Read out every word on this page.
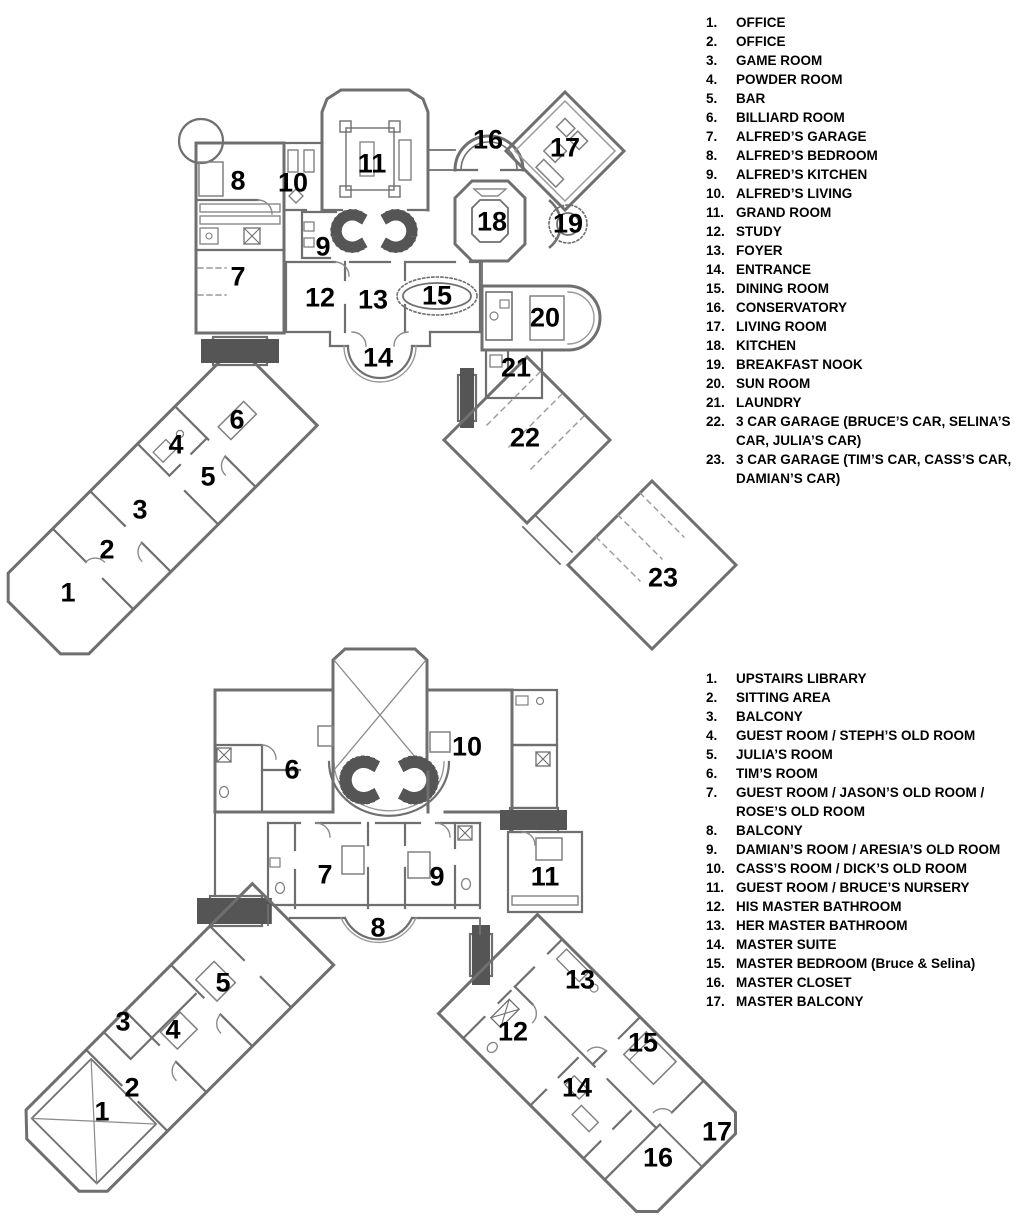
1
2
3
4
5
6
7
8
9
10
11
12 13
14
15
16 17
18 19
20
21
22
23
1
2
3 4
5
6
7
8
9
10
11
12
13
14
15
16
17
1.	OFFICE
2.	OFFICE
3.	GAME ROOM
4.	POWDER ROOM
5.	BAR
6.	BILLIARD ROOM
7.	ALFRED’S GARAGE
8.	ALFRED’S BEDROOM
9.	ALFRED’S KITCHEN
10. ALFRED’S LIVING
11. GRAND ROOM
12. STUDY
13. FOYER
14. ENTRANCE
15. DINING ROOM
16. CONSERVATORY
17. LIVING ROOM
18. KITCHEN
19. BREAKFAST NOOK
20. SUN ROOM
21. LAUNDRY
22. 3 CAR GARAGE (BRUCE’S CAR, SELINA’S CAR, JULIA’S CAR)
23. 3 CAR GARAGE (TIM’S CAR, CASS’S CAR, DAMIAN’S CAR)
1.	UPSTAIRS LIBRARY
2.	SITTING AREA
3.	BALCONY
4.	GUEST ROOM / STEPH’S OLD ROOM
5.	JULIA’S ROOM
6.	TIM’S ROOM
7.	GUEST ROOM / JASON’S OLD ROOM / ROSE’S OLD ROOM
8.	BALCONY
9.	DAMIAN’S ROOM / ARESIA’S OLD ROOM
10. CASS’S ROOM / DICK’S OLD ROOM
11. GUEST ROOM / BRUCE’S NURSERY
12. HIS MASTER BATHROOM
13. HER MASTER BATHROOM
14. MASTER SUITE
15. MASTER BEDROOM (Bruce & Selina)
16. MASTER CLOSET
17. MASTER BALCONY
